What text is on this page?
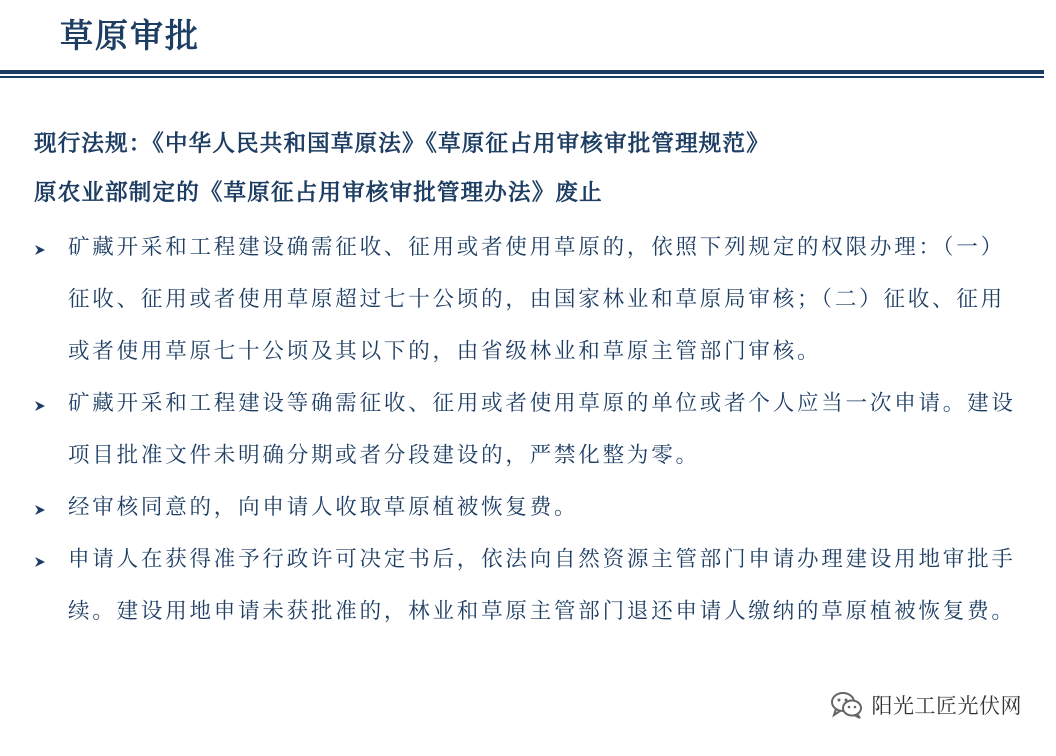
草原审批
现行法规：《中华人民共和国草原法》《草原征占用审核审批管理规范》
原农业部制定的《草原征占用审核审批管理办法》废止
矿藏开采和工程建设确需征收、征用或者使用草原的，依照下列规定的权限办理：（一）征收、征用或者使用草原超过七十公顷的，由国家林业和草原局审核；（二）征收、征用或者使用草原七十公顷及其以下的，由省级林业和草原主管部门审核。
矿藏开采和工程建设等确需征收、征用或者使用草原的单位或者个人应当一次申请。建设项目批准文件未明确分期或者分段建设的，严禁化整为零。
经审核同意的，向申请人收取草原植被恢复费。
申请人在获得准予行政许可决定书后，依法向自然资源主管部门申请办理建设用地审批手续。建设用地申请未获批准的，林业和草原主管部门退还申请人缴纳的草原植被恢复费。
阳光工匠光伏网
